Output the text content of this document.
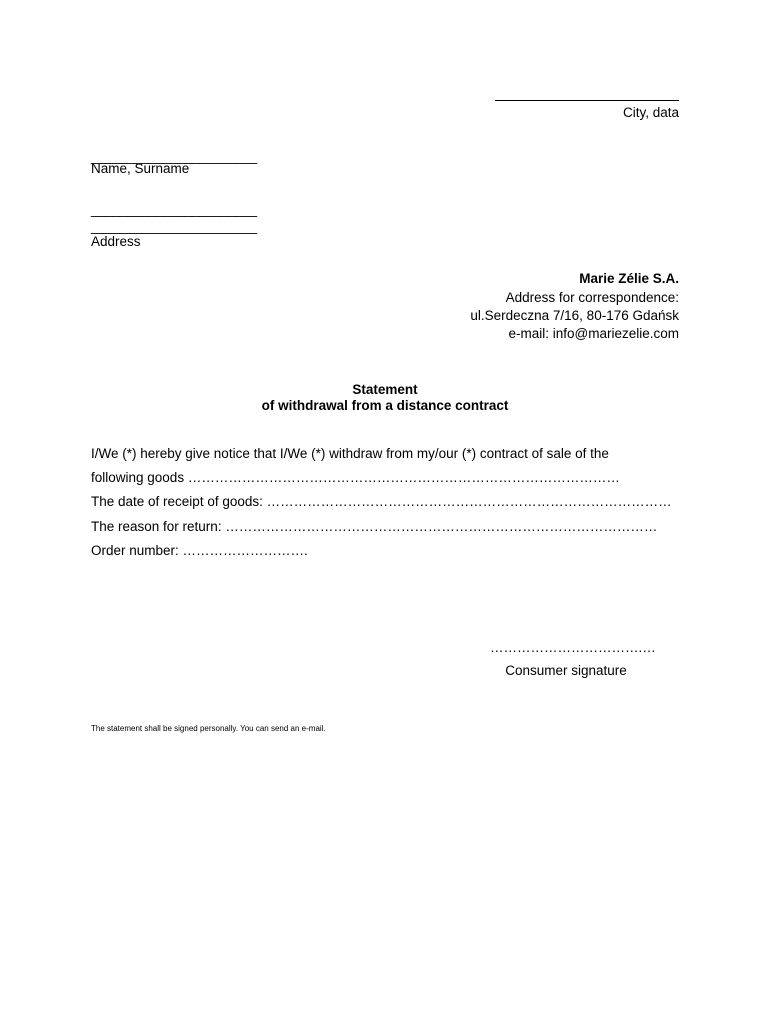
City, data
_______________________
Name, Surname
_______________________
_______________________
Address
Marie Zélie S.A.
Address for correspondence:
ul.Serdeczna 7/16, 80-176 Gdańsk
e-mail: info@mariezelie.com
Statement
of withdrawal from a distance contract
I/We (*) hereby give notice that I/We (*) withdraw from my/our (*) contract of sale of the
following goods ……………………………………………………………………………………
The date of receipt of goods: ………………………………………………………………………………
The reason for return: ……………………………………………………………………………………
Order number: ……………………….
…………………………….…
Consumer signature
The statement shall be signed personally. You can send an e-mail.
